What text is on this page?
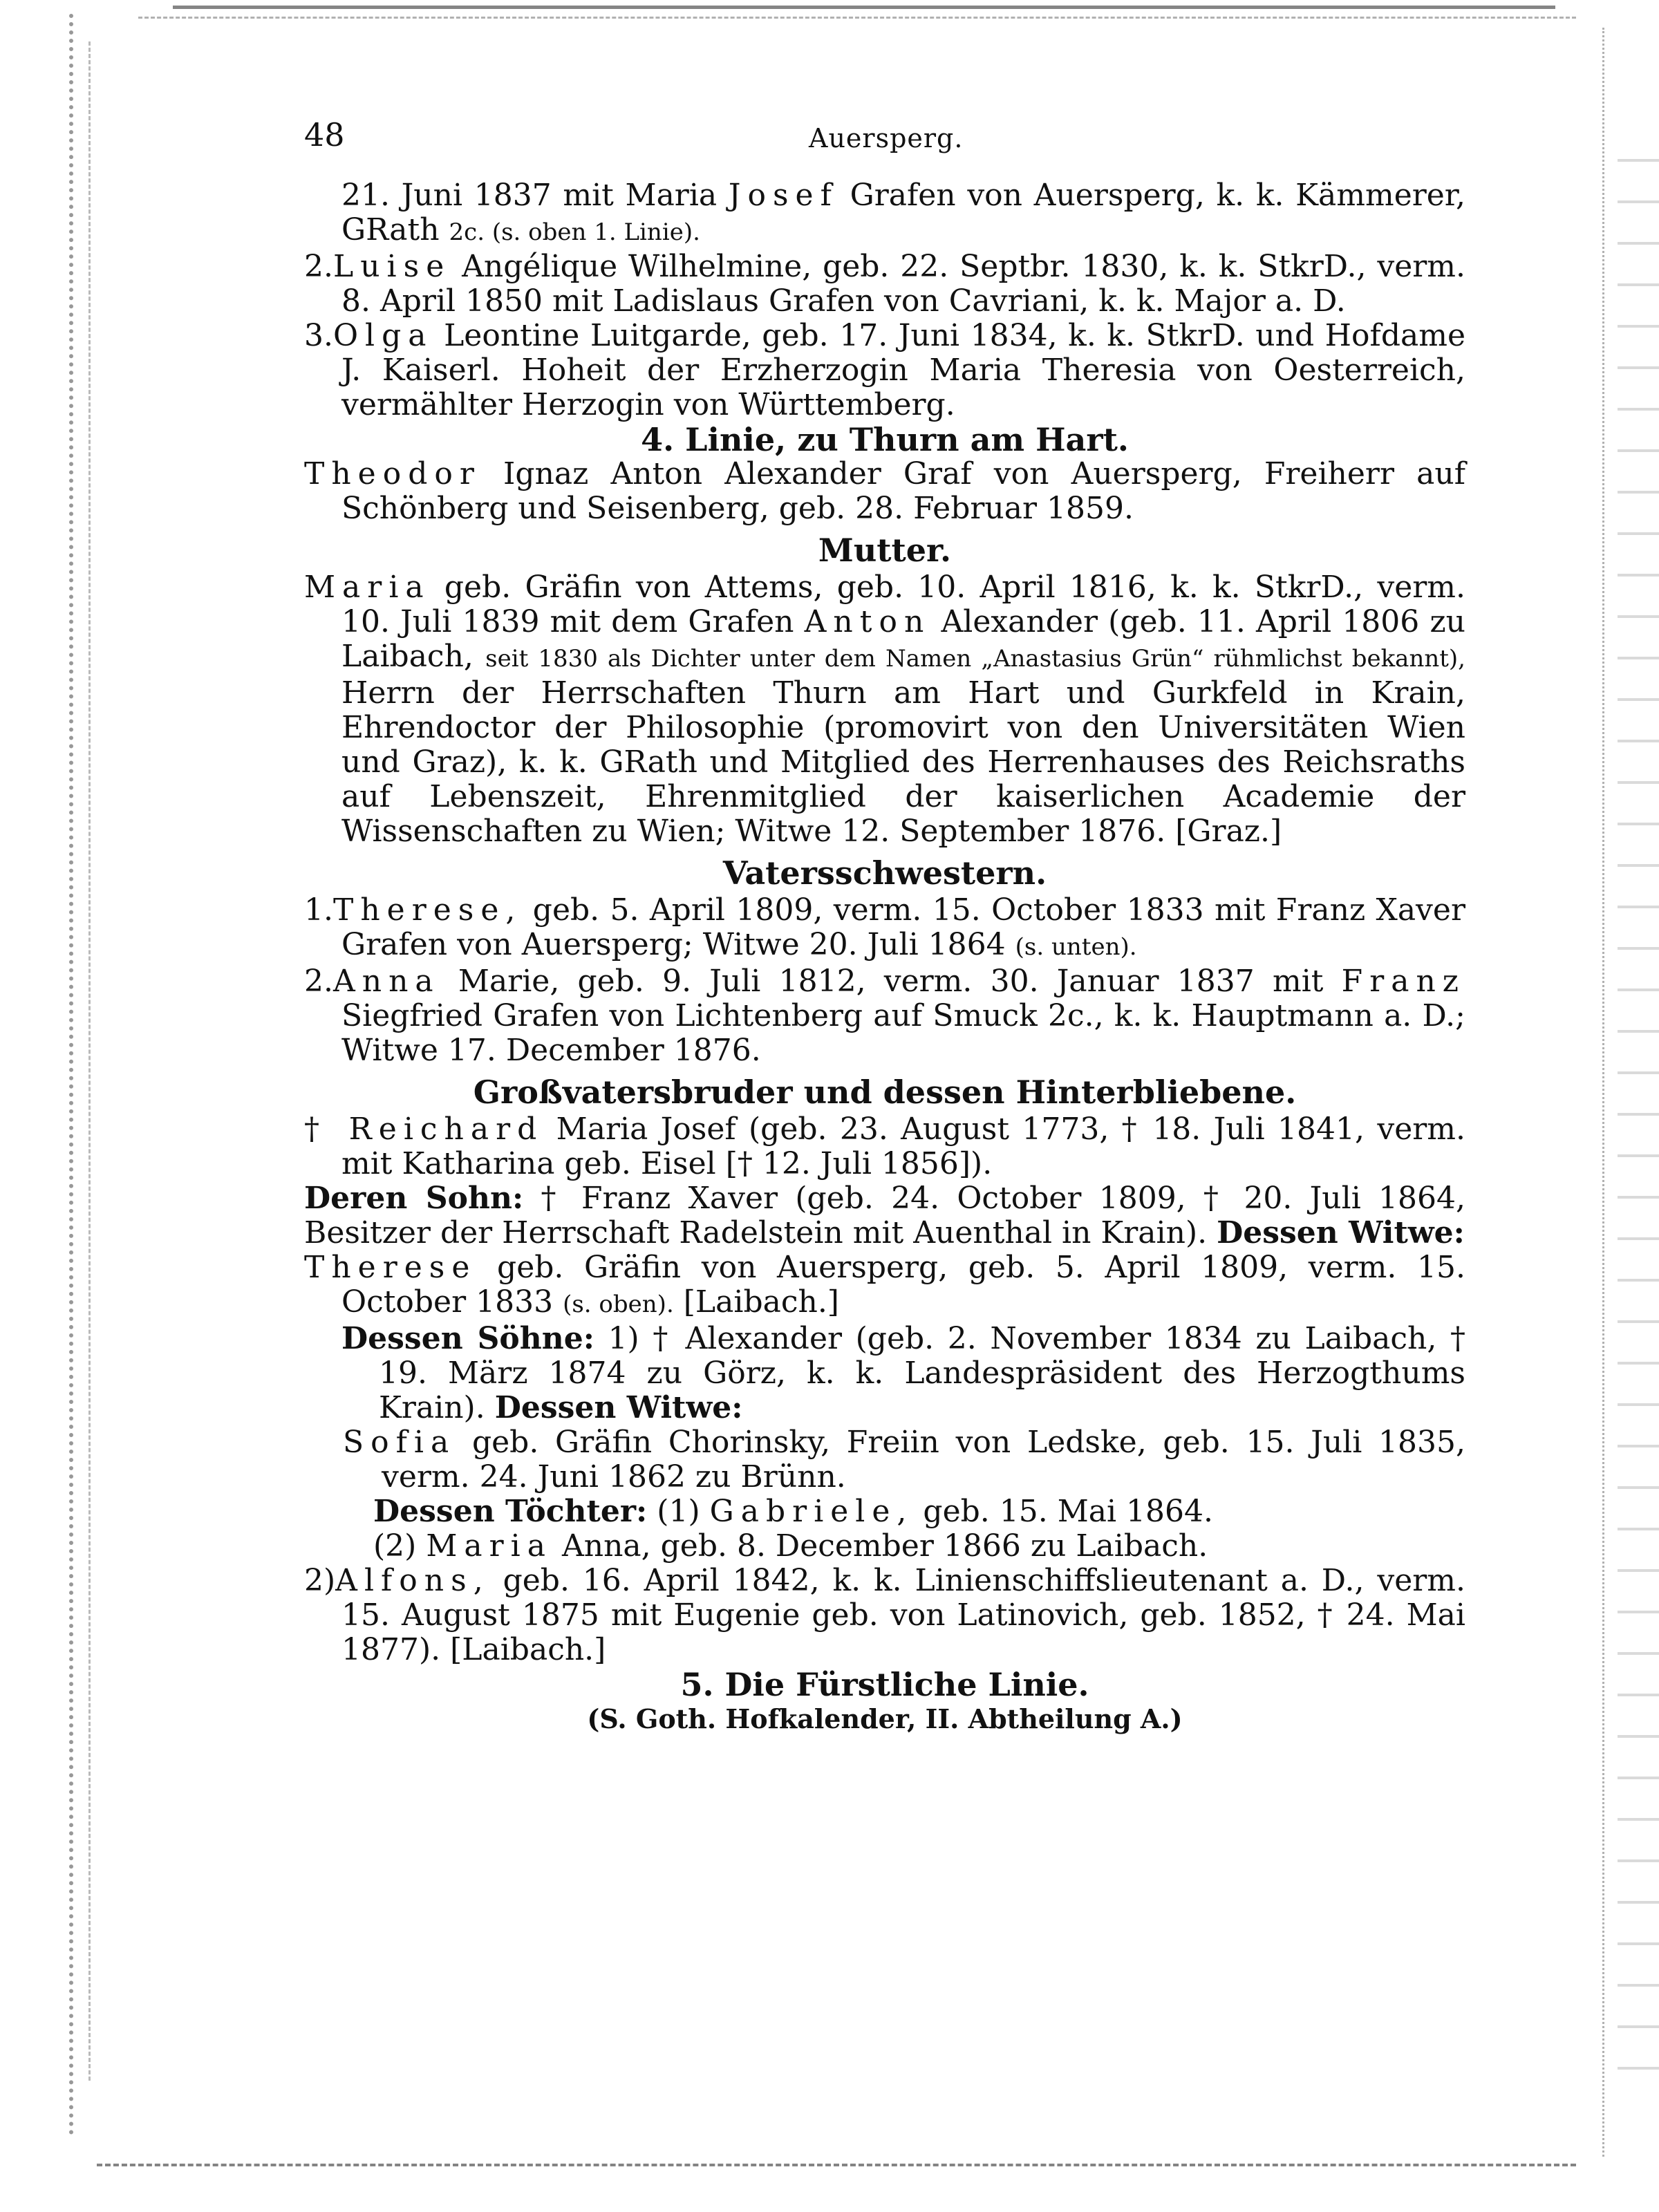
48	Auersperg.

21. Juni 1837 mit Maria Josef Grafen von Auersperg, k. k. Kämmerer, GRath 2c. (s. oben 1. Linie).

2.Luise Angélique Wilhelmine, geb. 22. Septbr. 1830, k. k. StkrD., verm. 8. April 1850 mit Ladislaus Grafen von Cavriani, k. k. Major a. D.

3.Olga Leontine Luitgarde, geb. 17. Juni 1834, k. k. StkrD. und Hofdame J. Kaiserl. Hoheit der Erzherzogin Maria Theresia von Oesterreich, vermählter Herzogin von Württemberg.

4. Linie, zu Thurn am Hart.

Theodor Ignaz Anton Alexander Graf von Auersperg, Freiherr auf Schönberg und Seisenberg, geb. 28. Februar 1859.

Mutter.

Maria geb. Gräfin von Attems, geb. 10. April 1816, k. k. StkrD., verm. 10. Juli 1839 mit dem Grafen Anton Alexander (geb. 11. April 1806 zu Laibach, seit 1830 als Dichter unter dem Namen „Anastasius Grün“ rühmlichst bekannt), Herrn der Herrschaften Thurn am Hart und Gurkfeld in Krain, Ehrendoctor der Philosophie (promovirt von den Universitäten Wien und Graz), k. k. GRath und Mitglied des Herrenhauses des Reichsraths auf Lebenszeit, Ehrenmitglied der kaiserlichen Academie der Wissenschaften zu Wien; Witwe 12. September 1876. [Graz.]

Vatersschwestern.

1.Therese, geb. 5. April 1809, verm. 15. October 1833 mit Franz Xaver Grafen von Auersperg; Witwe 20. Juli 1864 (s. unten).

2.Anna Marie, geb. 9. Juli 1812, verm. 30. Januar 1837 mit Franz Siegfried Grafen von Lichtenberg auf Smuck 2c., k. k. Hauptmann a. D.; Witwe 17. December 1876.

Großvatersbruder und dessen Hinterbliebene.

† Reichard Maria Josef (geb. 23. August 1773, † 18. Juli 1841, verm. mit Katharina geb. Eisel [† 12. Juli 1856]).

Deren Sohn: † Franz Xaver (geb. 24. October 1809, † 20. Juli 1864, Besitzer der Herrschaft Radelstein mit Auenthal in Krain). Dessen Witwe:

Therese geb. Gräfin von Auersperg, geb. 5. April 1809, verm. 15. October 1833 (s. oben). [Laibach.]

Dessen Söhne: 1) † Alexander (geb. 2. November 1834 zu Laibach, † 19. März 1874 zu Görz, k. k. Landespräsident des Herzogthums Krain). Dessen Witwe:

Sofia geb. Gräfin Chorinsky, Freiin von Ledske, geb. 15. Juli 1835, verm. 24. Juni 1862 zu Brünn.

Dessen Töchter: (1) Gabriele, geb. 15. Mai 1864.

(2) Maria Anna, geb. 8. December 1866 zu Laibach.

2)Alfons, geb. 16. April 1842, k. k. Linienschiffslieutenant a. D., verm. 15. August 1875 mit Eugenie geb. von Latinovich, geb. 1852, † 24. Mai 1877). [Laibach.]

5. Die Fürstliche Linie.

(S. Goth. Hofkalender, II. Abtheilung A.)
